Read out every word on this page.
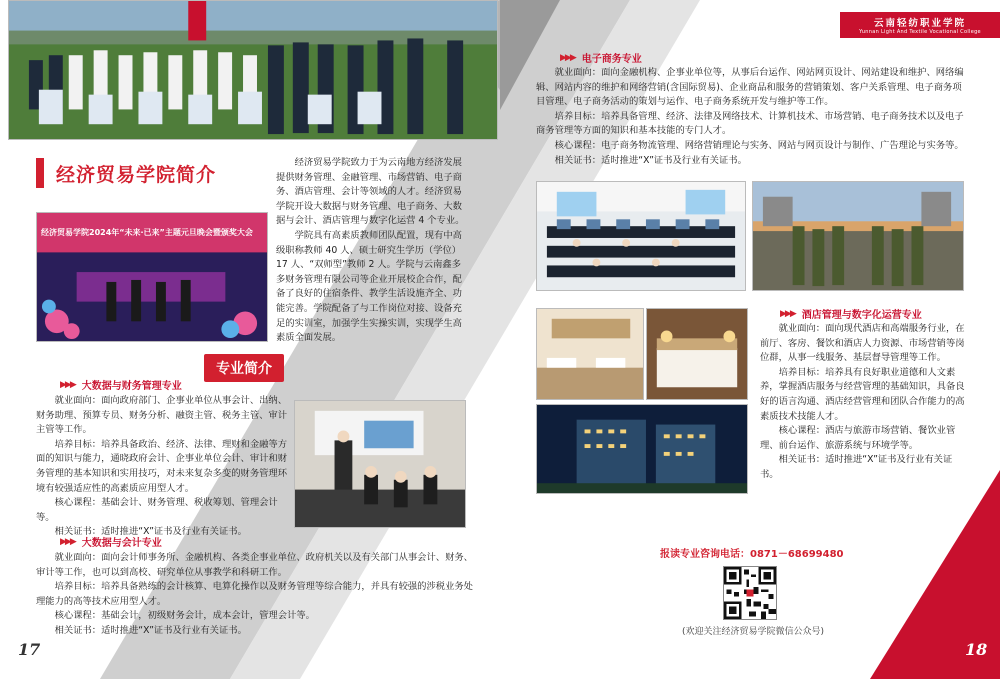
经济贸易学院简介
经济贸易学院2024年“未来·已来”主题元旦晚会暨颁奖大会

经济贸易学院致力于为云南地方经济发展提供财务管理、金融管理、市场营销、电子商务、酒店管理、会计等领域的人才。经济贸易学院开设大数据与财务管理、电子商务、大数据与会计、酒店管理与数字化运营 4 个专业。

学院具有高素质教师团队配置，现有中高级职称教师 40 人、硕士研究生学历（学位）17 人、“双师型”教师 2 人。学院与云南鑫多多财务管理有限公司等企业开展校企合作，配备了良好的住宿条件、教学生活设施齐全、功能完善。学院配备了与工作岗位对接、设备充足的实训室，加强学生实操实训，实现学生高素质全面发展。

专业简介
▶▶▶ 大数据与财务管理专业

就业面向：面向政府部门、企事业单位从事会计、出纳、财务助理、预算专员、财务分析、融资主管、税务主管、审计主管等工作。

培养目标：培养具备政治、经济、法律、理财和金融等方面的知识与能力，通晓政府会计、企事业单位会计、审计和财务管理的基本知识和实用技巧，对未来复杂多变的财务管理环境有较强适应性的高素质应用型人才。

核心课程：基础会计、财务管理、税收筹划、管理会计等。

相关证书：适时推进“X”证书及行业有关证书。

▶▶▶ 大数据与会计专业

就业面向：面向会计师事务所、金融机构、各类企事业单位、政府机关以及有关部门从事会计、财务、审计等工作，也可以到高校、研究单位从事教学和科研工作。

培养目标：培养具备熟练的会计核算、电算化操作以及财务管理等综合能力，并具有较强的涉税业务处理能力的高等技术应用型人才。

核心课程：基础会计，初级财务会计，成本会计，管理会计等。

相关证书：适时推进“X”证书及行业有关证书。

17
云南轻纺职业学院
Yunnan Light And Textile Vocational College
▶▶▶ 电子商务专业

就业面向：面向金融机构、企事业单位等，从事后台运作、网站网页设计、网站建设和维护、网络编辑、网站内容的维护和网络营销(含国际贸易)、企业商品和服务的营销策划、客户关系管理、电子商务项目管理、电子商务活动的策划与运作、电子商务系统开发与维护等工作。

培养目标：培养具备管理、经济、法律及网络技术、计算机技术、市场营销、电子商务技术以及电子商务管理等方面的知识和基本技能的专门人才。

核心课程：电子商务物流管理、网络营销理论与实务、网站与网页设计与制作、广告理论与实务等。

相关证书：适时推进“X”证书及行业有关证书。

▶▶▶ 酒店管理与数字化运营专业

就业面向：面向现代酒店和高端服务行业，在前厅、客房、餐饮和酒店人力资源、市场营销等岗位群，从事一线服务、基层督导管理等工作。

培养目标：培养具有良好职业道德和人文素养，掌握酒店服务与经营管理的基础知识，具备良好的语言沟通、酒店经营管理和团队合作能力的高素质技术技能人才。

核心课程：酒店与旅游市场营销、餐饮业管理、前台运作、旅游系统与环境学等。

相关证书：适时推进“X”证书及行业有关证书。

报读专业咨询电话：0871－68699480
(欢迎关注经济贸易学院微信公众号)
18
